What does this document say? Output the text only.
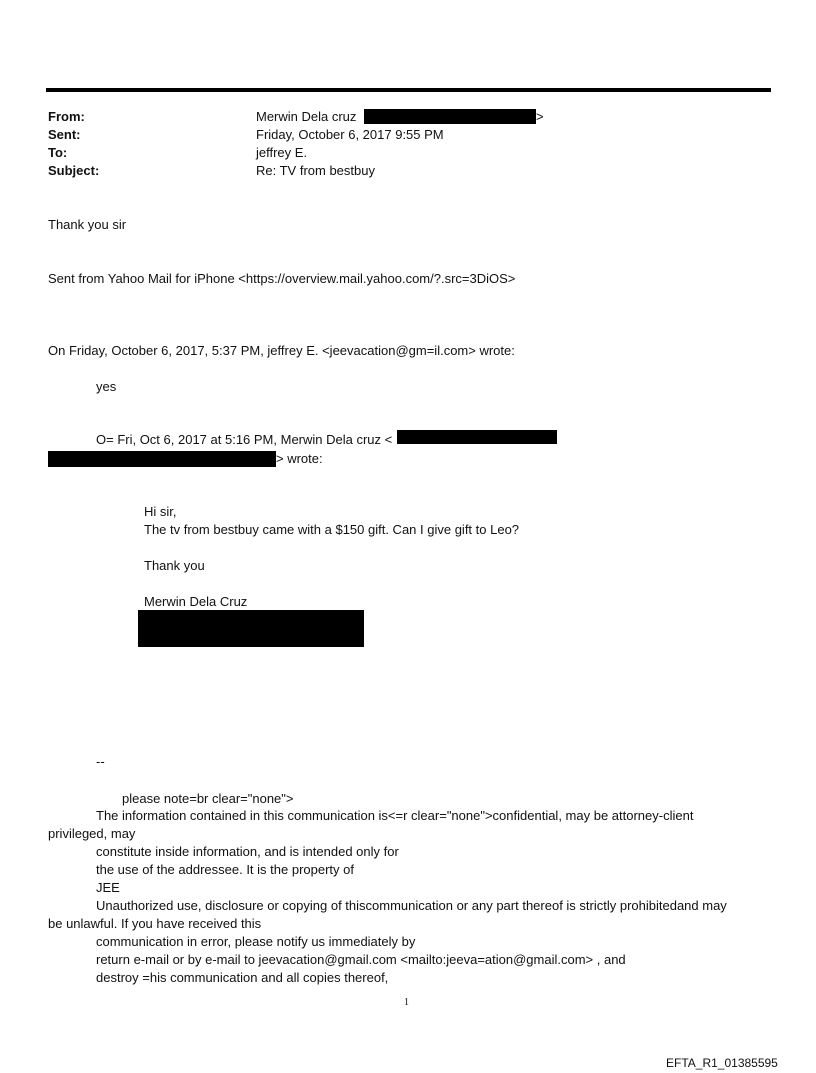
From:	Merwin Dela cruz	>
Sent:	Friday, October 6, 2017 9:55 PM
To:	jeffrey E.
Subject:	Re: TV from bestbuy
Thank you sir
Sent from Yahoo Mail for iPhone <https://overview.mail.yahoo.com/?.src=3DiOS>
On Friday, October 6, 2017, 5:37 PM, jeffrey E. <jeevacation@gm=il.com> wrote:
yes
O= Fri, Oct 6, 2017 at 5:16 PM, Merwin Dela cruz <
> wrote:
Hi sir,
The tv from bestbuy came with a $150 gift. Can I give gift to Leo?
Thank you
Merwin Dela Cruz
--
please note=br clear="none">
The information contained in this communication is<=r clear="none">confidential, may be attorney-client
privileged, may
constitute inside information, and is intended only for
the use of the addressee. It is the property of
JEE
Unauthorized use, disclosure or copying of thiscommunication or any part thereof is strictly prohibitedand may
be unlawful. If you have received this
communication in error, please notify us immediately by
return e-mail or by e-mail to jeevacation@gmail.com <mailto:jeeva=ation@gmail.com> , and
destroy =his communication and all copies thereof,
1
EFTA_R1_01385595
